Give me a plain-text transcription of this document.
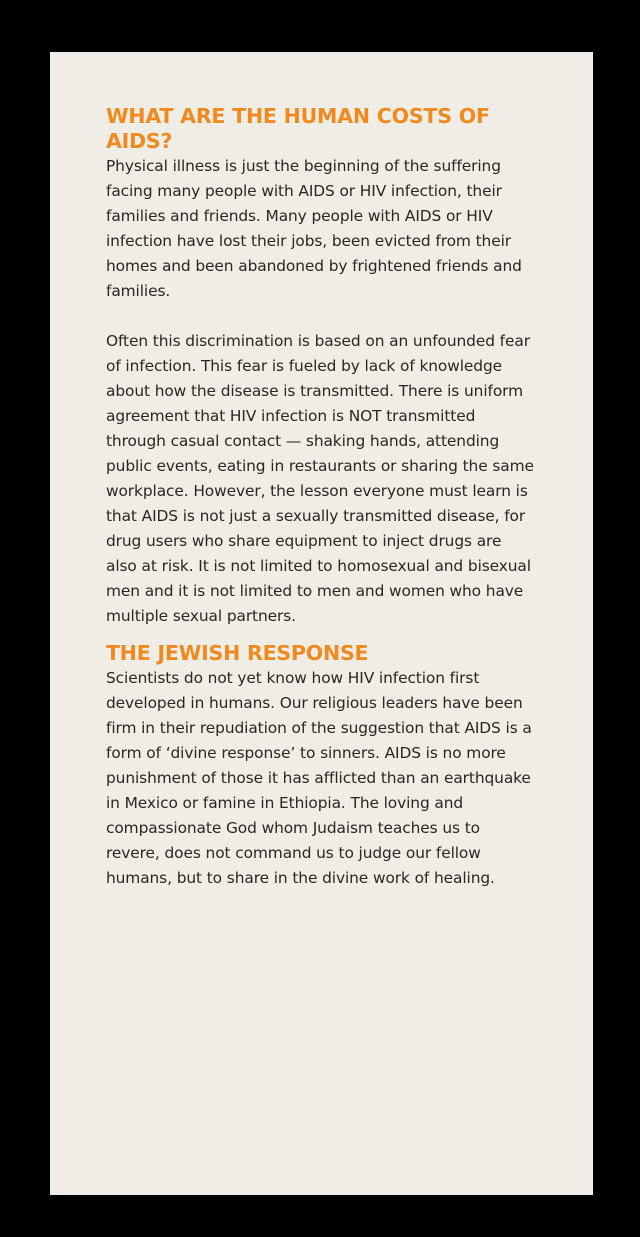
WHAT ARE THE HUMAN COSTS OF AIDS?

Physical illness is just the beginning of the suffering facing many people with AIDS or HIV infection, their families and friends. Many people with AIDS or HIV infection have lost their jobs, been evicted from their homes and been abandoned by frightened friends and families.

Often this discrimination is based on an unfounded fear of infection. This fear is fueled by lack of knowledge about how the disease is transmitted. There is uniform agreement that HIV infection is NOT transmitted through casual contact — shaking hands, attending public events, eating in restaurants or sharing the same workplace. However, the lesson everyone must learn is that AIDS is not just a sexually transmitted disease, for drug users who share equipment to inject drugs are also at risk. It is not limited to homosexual and bisexual men and it is not limited to men and women who have multiple sexual partners.

THE JEWISH RESPONSE

Scientists do not yet know how HIV infection first developed in humans. Our religious leaders have been firm in their repudiation of the suggestion that AIDS is a form of ‘divine response’ to sinners. AIDS is no more punishment of those it has afflicted than an earthquake in Mexico or famine in Ethiopia. The loving and compassionate God whom Judaism teaches us to revere, does not command us to judge our fellow humans, but to share in the divine work of healing.
